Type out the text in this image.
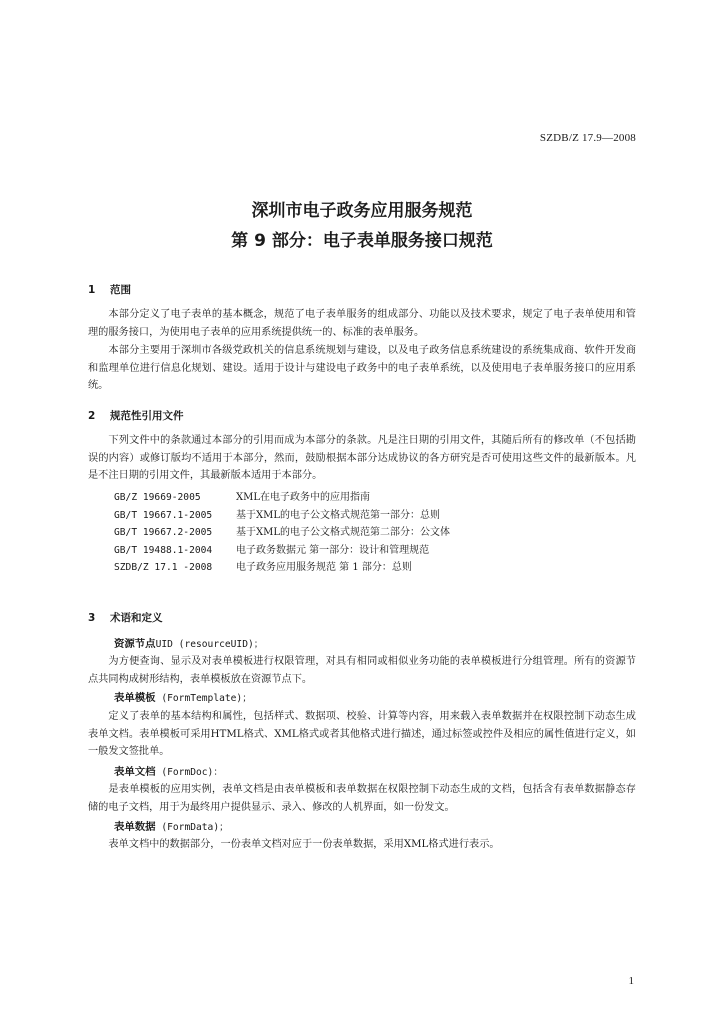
SZDB/Z 17.9—2008
深圳市电子政务应用服务规范
第 9 部分：电子表单服务接口规范
1 范围

本部分定义了电子表单的基本概念，规范了电子表单服务的组成部分、功能以及技术要求，规定了电子表单使用和管理的服务接口，为使用电子表单的应用系统提供统一的、标准的表单服务。

本部分主要用于深圳市各级党政机关的信息系统规划与建设，以及电子政务信息系统建设的系统集成商、软件开发商和监理单位进行信息化规划、建设。适用于设计与建设电子政务中的电子表单系统，以及使用电子表单服务接口的应用系统。

2 规范性引用文件

下列文件中的条款通过本部分的引用而成为本部分的条款。凡是注日期的引用文件，其随后所有的修改单（不包括勘误的内容）或修订版均不适用于本部分，然而，鼓励根据本部分达成协议的各方研究是否可使用这些文件的最新版本。凡是不注日期的引用文件，其最新版本适用于本部分。

GB/Z 19669-2005	XML在电子政务中的应用指南
GB/T 19667.1-2005 基于XML的电子公文格式规范第一部分：总则
GB/T 19667.2-2005 基于XML的电子公文格式规范第二部分：公文体
GB/T 19488.1-2004 电子政务数据元 第一部分：设计和管理规范
SZDB/Z 17.1 -2008 电子政务应用服务规范 第 1 部分：总则
3 术语和定义
资源节点UID (resourceUID)；

为方便查询、显示及对表单模板进行权限管理，对具有相同或相似业务功能的表单模板进行分组管理。所有的资源节点共同构成树形结构，表单模板放在资源节点下。

表单模板 (FormTemplate)；

定义了表单的基本结构和属性，包括样式、数据项、校验、计算等内容，用来载入表单数据并在权限控制下动态生成表单文档。表单模板可采用HTML格式、XML格式或者其他格式进行描述，通过标签或控件及相应的属性值进行定义，如一般发文签批单。

表单文档 (FormDoc)：

是表单模板的应用实例，表单文档是由表单模板和表单数据在权限控制下动态生成的文档，包括含有表单数据静态存储的电子文档，用于为最终用户提供显示、录入、修改的人机界面，如一份发文。

表单数据 (FormData)；

表单文档中的数据部分，一份表单文档对应于一份表单数据，采用XML格式进行表示。

1
